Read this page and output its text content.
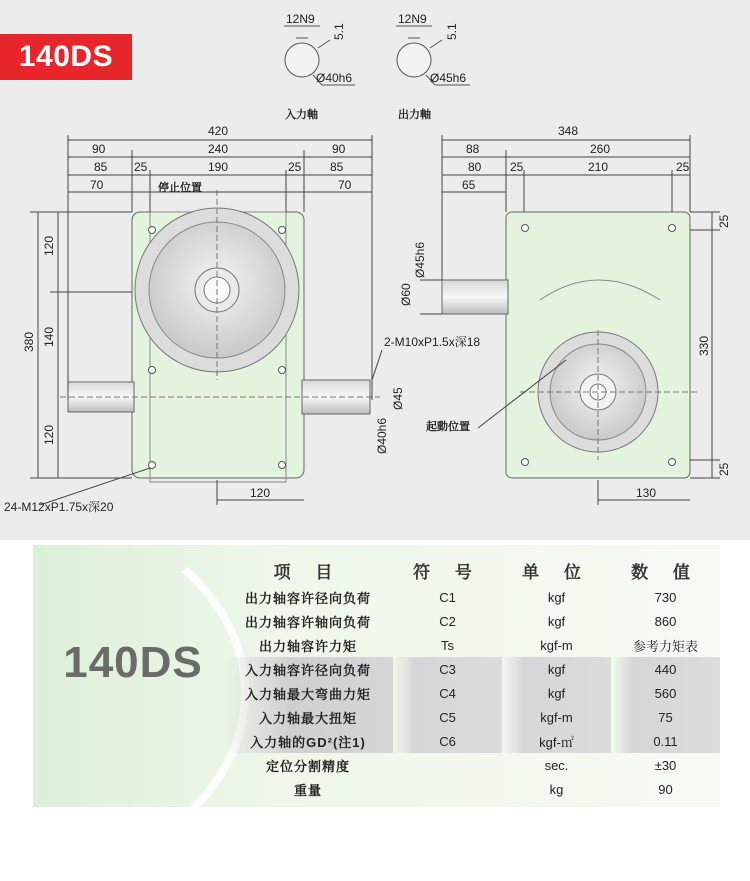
140DS
12N9
5.1
Ø40h6
入力軸
12N9
5.1
Ø45h6
出力軸
420
90	240	90
85 25	190	25 85
70	70
停止位置
380
120
140
120
120
24-M12xP1.75x深20
2-M10xP1.5x深18
Ø45
Ø40h6
348
88	260
80 25	210	25
65
Ø45h6
Ø60
25
330
25
130
起動位置
140DS
项 目	符 号	单 位	数 值
出力轴容许径向负荷	C1	kgf	730
出力轴容许轴向负荷	C2	kgf	860
出力轴容许力矩	Ts	kgf-m	参考力矩表
入力轴容许径向负荷	C3	kgf	440
入力轴最大弯曲力矩	C4	kgf	560
入力轴最大扭矩	C5	kgf-m	75
入力轴的GD²(注1)	C6	kgf-㎡	0.11
定位分割精度		sec.	±30
重量		kg	90
